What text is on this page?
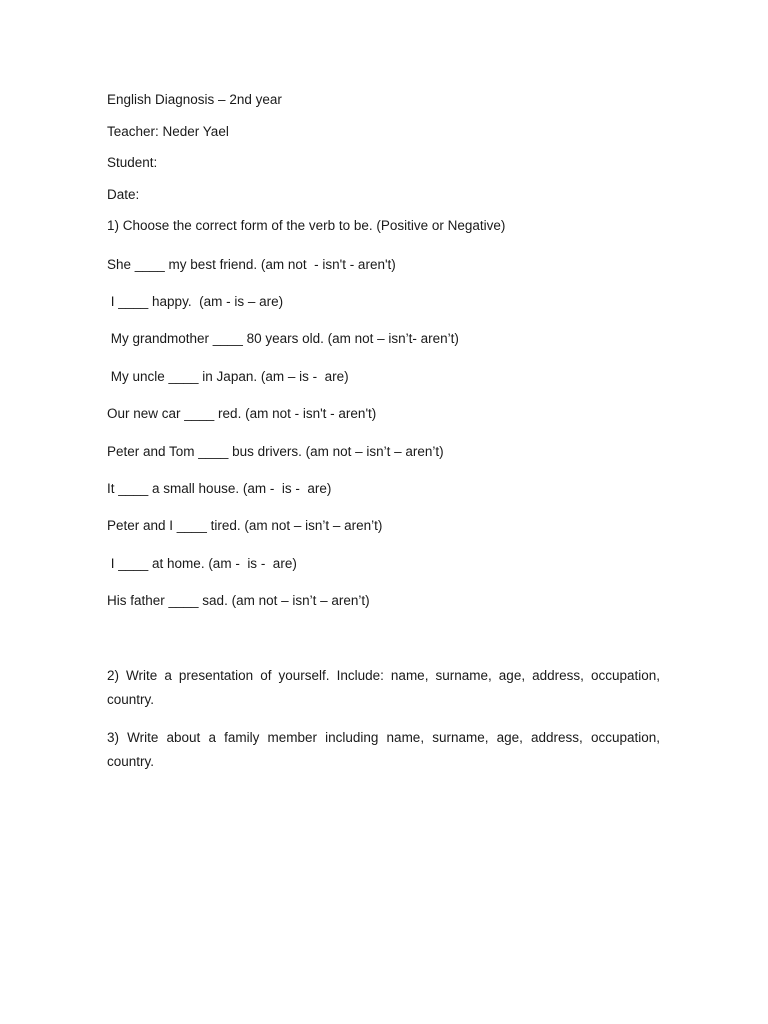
English Diagnosis – 2nd year
Teacher: Neder Yael
Student:
Date:
1) Choose the correct form of the verb to be. (Positive or Negative)
She ____ my best friend. (am not  - isn't - aren't)
I ____ happy.  (am - is – are)
My grandmother ____ 80 years old. (am not – isn’t- aren’t)
My uncle ____ in Japan. (am – is -  are)
Our new car ____ red. (am not - isn't - aren't)
Peter and Tom ____ bus drivers. (am not – isn’t – aren’t)
It ____ a small house. (am -  is -  are)
Peter and I ____ tired. (am not – isn’t – aren’t)
I ____ at home. (am -  is -  are)
His father ____ sad. (am not – isn’t – aren’t)
2) Write a presentation of yourself. Include: name, surname, age, address, occupation, country.
3) Write about a family member including name, surname, age, address, occupation, country.
